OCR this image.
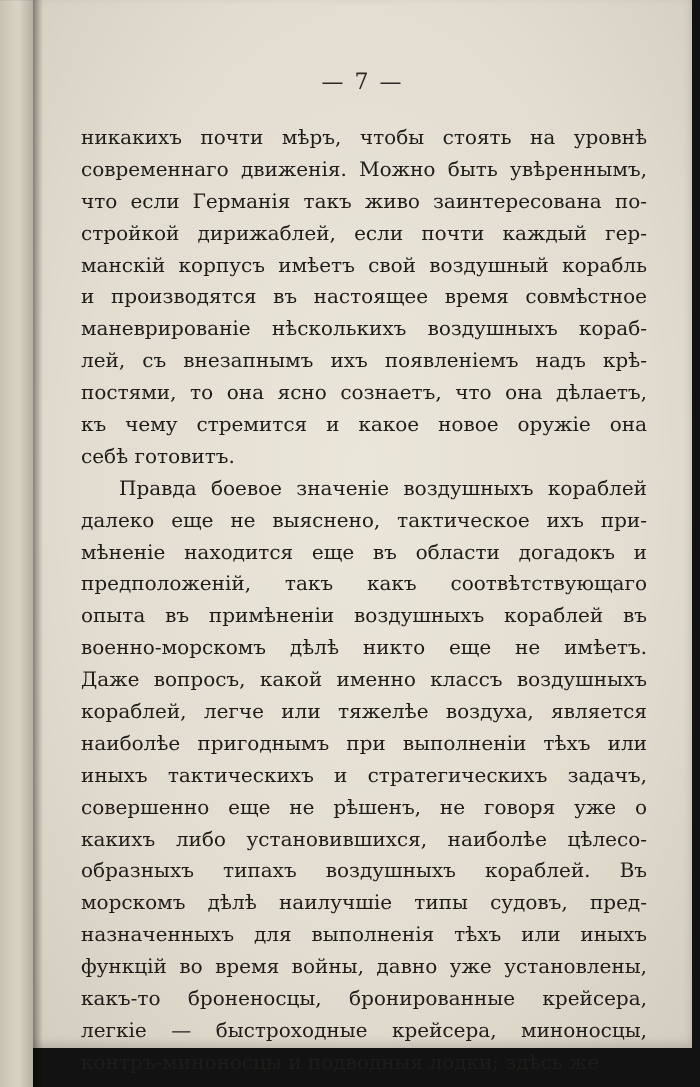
— 7 —
никакихъ почти мѣръ, чтобы стоять на уровнѣ
современнаго движенія. Можно быть увѣреннымъ,
что если Германія такъ живо заинтересована по-
стройкой дирижаблей, если почти каждый гер-
манскій корпусъ имѣетъ свой воздушный корабль
и производятся въ настоящее время совмѣстное
маневрированіе нѣсколькихъ воздушныхъ кораб-
лей, съ внезапнымъ ихъ появленіемъ надъ крѣ-
постями, то она ясно сознаетъ, что она дѣлаетъ,
къ чему стремится и какое новое оружіе она
себѣ готовитъ.
Правда боевое значеніе воздушныхъ кораблей
далеко еще не выяснено, тактическое ихъ при-
мѣненіе находится еще въ области догадокъ и
предположеній, такъ какъ соотвѣтствующаго
опыта въ примѣненіи воздушныхъ кораблей въ
военно-морскомъ дѣлѣ никто еще не имѣетъ.
Даже вопросъ, какой именно классъ воздушныхъ
кораблей, легче или тяжелѣе воздуха, является
наиболѣе пригоднымъ при выполненіи тѣхъ или
иныхъ тактическихъ и стратегическихъ задачъ,
совершенно еще не рѣшенъ, не говоря уже о
какихъ либо установившихся, наиболѣе цѣлесо-
образныхъ типахъ воздушныхъ кораблей. Въ
морскомъ дѣлѣ наилучшіе типы судовъ, пред-
назначенныхъ для выполненія тѣхъ или иныхъ
функцій во время войны, давно уже установлены,
какъ-то броненосцы, бронированные крейсера,
легкіе — быстроходные крейсера, миноносцы,
контръ-миноносцы и подводныя лодки; здѣсь же
